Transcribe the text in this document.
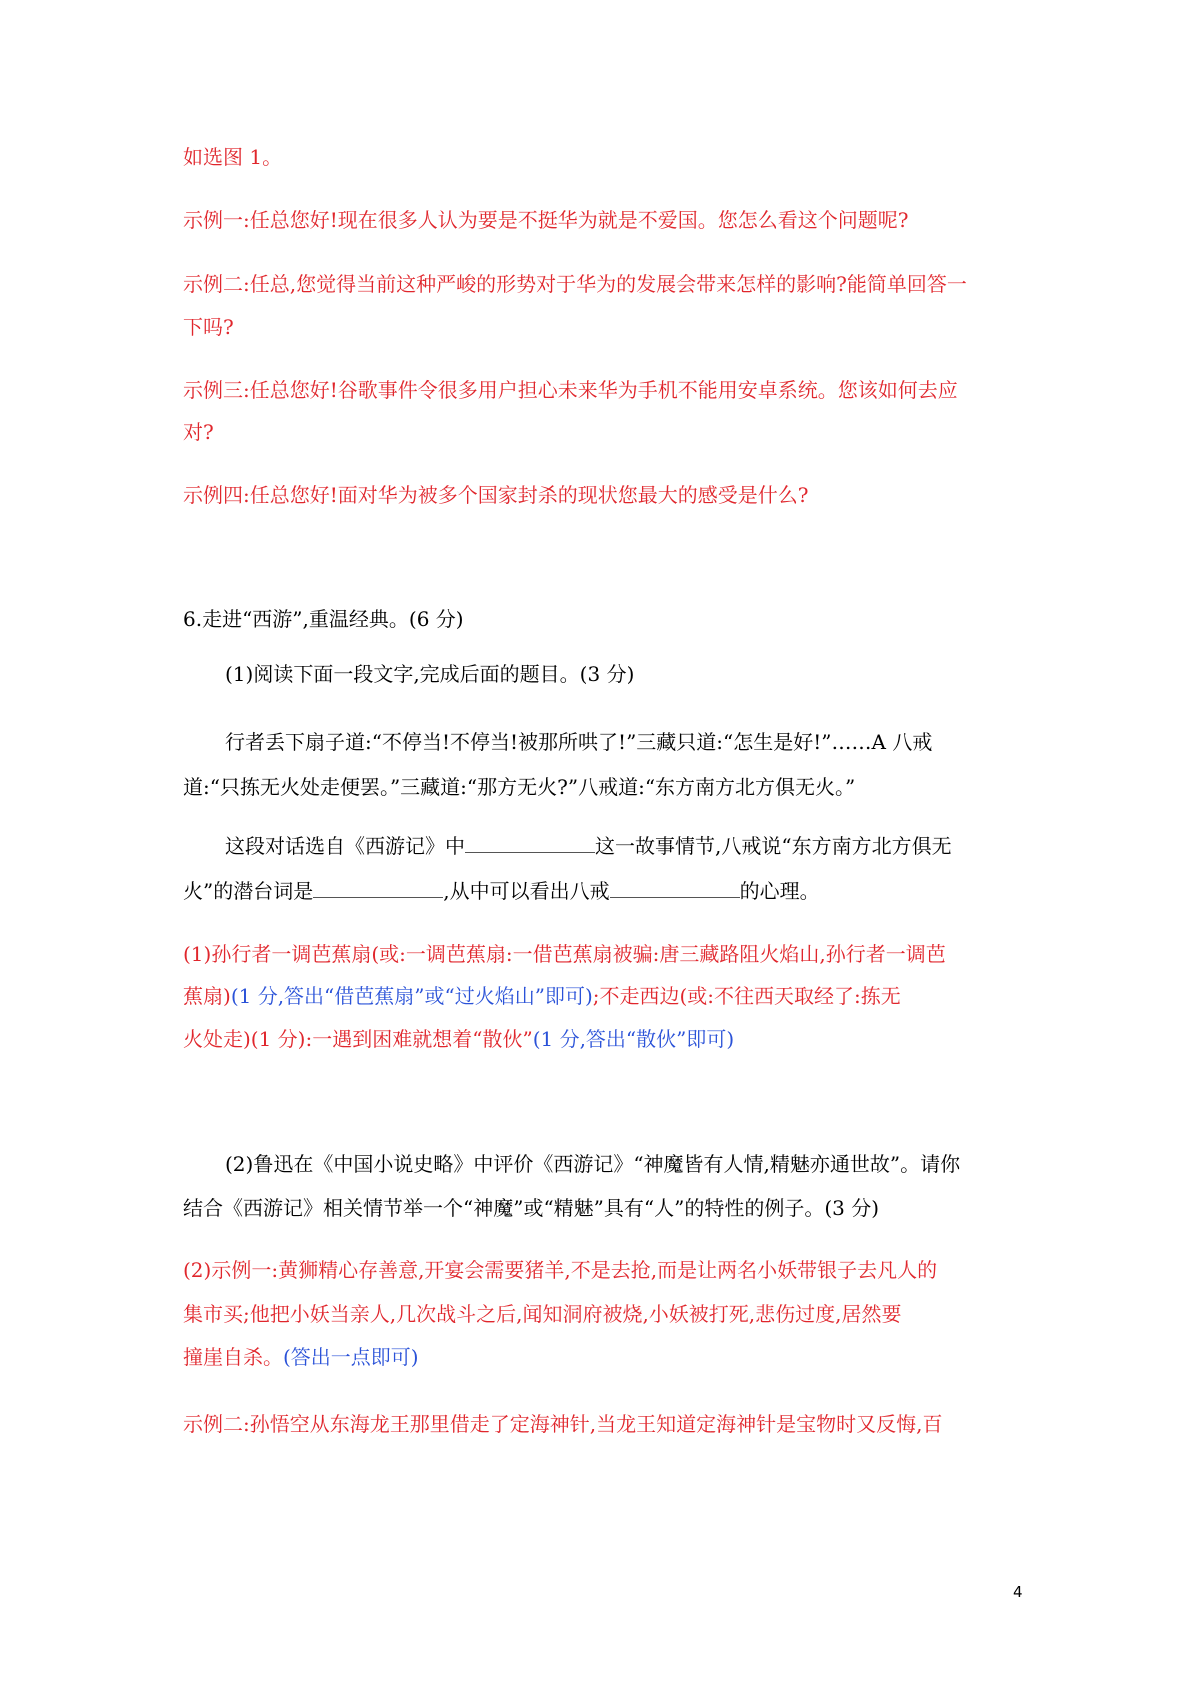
如选图 1。
示例一:任总您好!现在很多人认为要是不挺华为就是不爱国。您怎么看这个问题呢?
示例二:任总,您觉得当前这种严峻的形势对于华为的发展会带来怎样的影响?能简单回答一
下吗?
示例三:任总您好!谷歌事件令很多用户担心未来华为手机不能用安卓系统。您该如何去应
对?
示例四:任总您好!面对华为被多个国家封杀的现状您最大的感受是什么?
6.走进“西游”,重温经典。(6 分)
(1)阅读下面一段文字,完成后面的题目。(3 分)
行者丢下扇子道:“不停当!不停当!被那所哄了!”三藏只道:“怎生是好!”……A 八戒
道:“只拣无火处走便罢。”三藏道:“那方无火?”八戒道:“东方南方北方俱无火。”
这段对话选自《西游记》中	这一故事情节,八戒说“东方南方北方俱无
火”的潜台词是	,从中可以看出八戒	的心理。
(1)孙行者一调芭蕉扇(或:一调芭蕉扇:一借芭蕉扇被骗:唐三藏路阻火焰山,孙行者一调芭
蕉扇)(1 分,答出“借芭蕉扇”或“过火焰山”即可);不走西边(或:不往西天取经了:拣无
火处走)(1 分):一遇到困难就想着“散伙”(1 分,答出“散伙”即可)
(2)鲁迅在《中国小说史略》中评价《西游记》“神魔皆有人情,精魅亦通世故”。请你
结合《西游记》相关情节举一个“神魔”或“精魅”具有“人”的特性的例子。(3 分)
(2)示例一:黄狮精心存善意,开宴会需要猪羊,不是去抢,而是让两名小妖带银子去凡人的
集市买;他把小妖当亲人,几次战斗之后,闻知洞府被烧,小妖被打死,悲伤过度,居然要
撞崖自杀。(答出一点即可)
示例二:孙悟空从东海龙王那里借走了定海神针,当龙王知道定海神针是宝物时又反悔,百
4
